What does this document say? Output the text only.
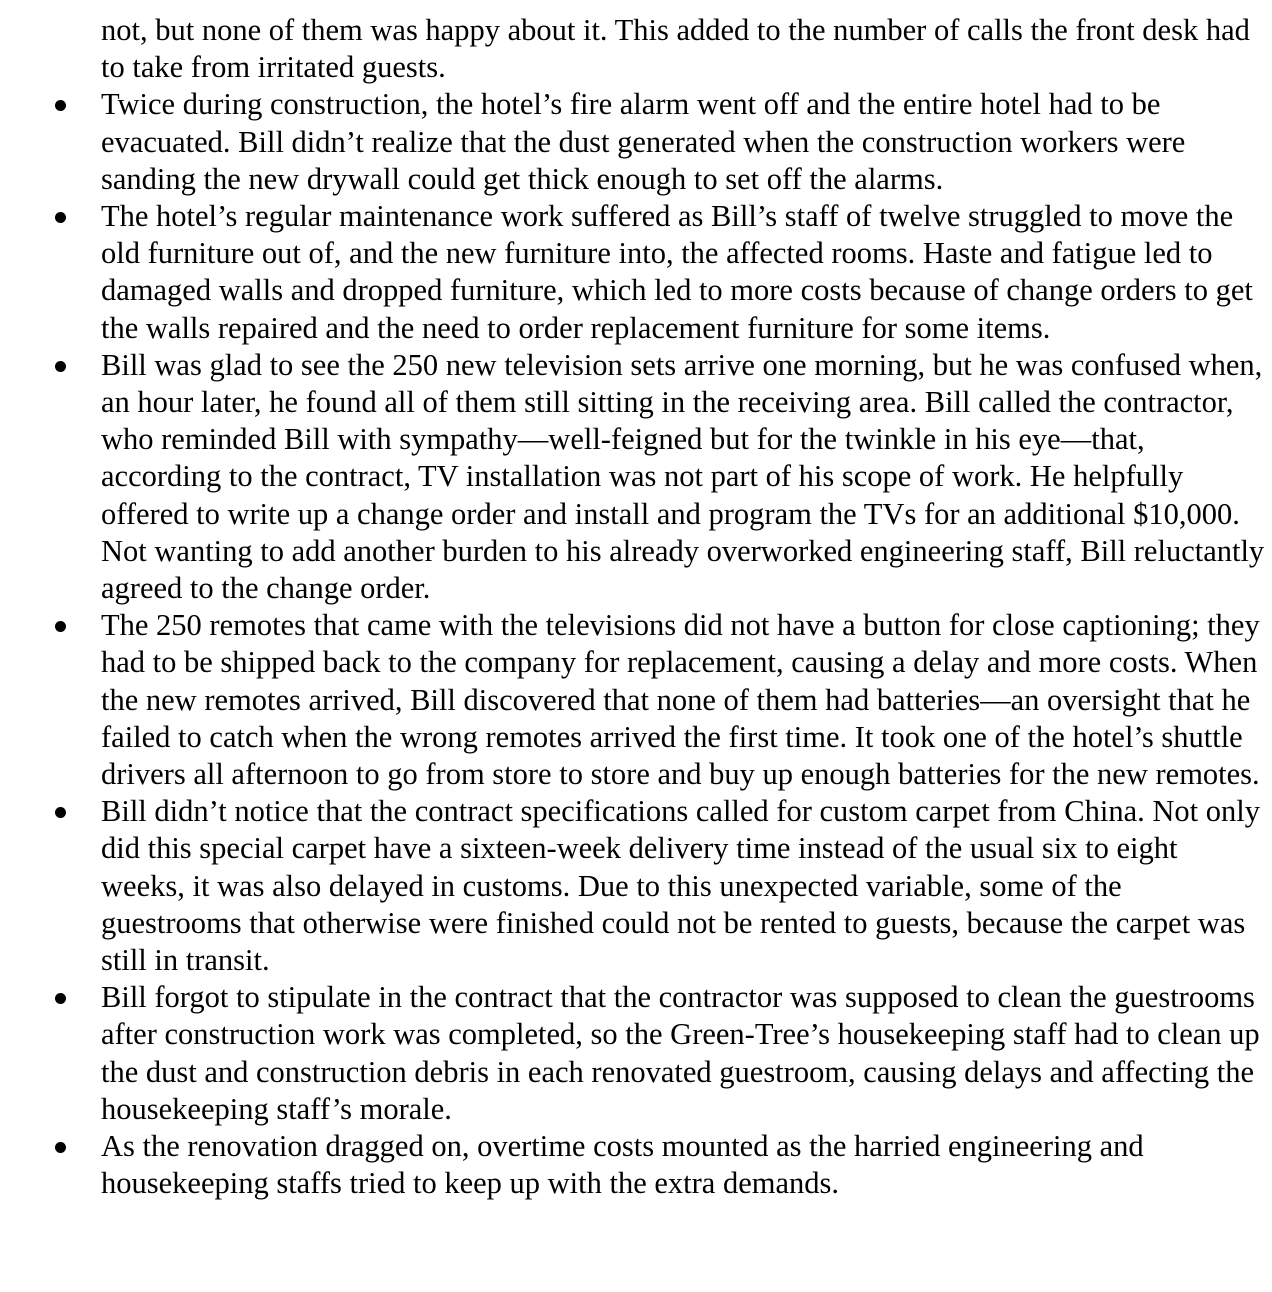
not, but none of them was happy about it. This added to the number of calls the front desk had to take from irritated guests.
Twice during construction, the hotel’s fire alarm went off and the entire hotel had to be evacuated. Bill didn’t realize that the dust generated when the construction workers were sanding the new drywall could get thick enough to set off the alarms.
The hotel’s regular maintenance work suffered as Bill’s staff of twelve struggled to move the old furniture out of, and the new furniture into, the affected rooms. Haste and fatigue led to damaged walls and dropped furniture, which led to more costs because of change orders to get the walls repaired and the need to order replacement furniture for some items.
Bill was glad to see the 250 new television sets arrive one morning, but he was confused when, an hour later, he found all of them still sitting in the receiving area. Bill called the contractor, who reminded Bill with sympathy—well-feigned but for the twinkle in his eye—that, according to the contract, TV installation was not part of his scope of work. He helpfully offered to write up a change order and install and program the TVs for an additional $10,000. Not wanting to add another burden to his already overworked engineering staff, Bill reluctantly agreed to the change order.
The 250 remotes that came with the televisions did not have a button for close captioning; they had to be shipped back to the company for replacement, causing a delay and more costs. When the new remotes arrived, Bill discovered that none of them had batteries—an oversight that he failed to catch when the wrong remotes arrived the first time. It took one of the hotel’s shuttle drivers all afternoon to go from store to store and buy up enough batteries for the new remotes.
Bill didn’t notice that the contract specifications called for custom carpet from China. Not only did this special carpet have a sixteen-week delivery time instead of the usual six to eight weeks, it was also delayed in customs. Due to this unexpected variable, some of the guestrooms that otherwise were finished could not be rented to guests, because the carpet was still in transit.
Bill forgot to stipulate in the contract that the contractor was supposed to clean the guestrooms after construction work was completed, so the Green-Tree’s housekeeping staff had to clean up the dust and construction debris in each renovated guestroom, causing delays and affecting the housekeeping staff’s morale.
As the renovation dragged on, overtime costs mounted as the harried engineering and housekeeping staffs tried to keep up with the extra demands.
